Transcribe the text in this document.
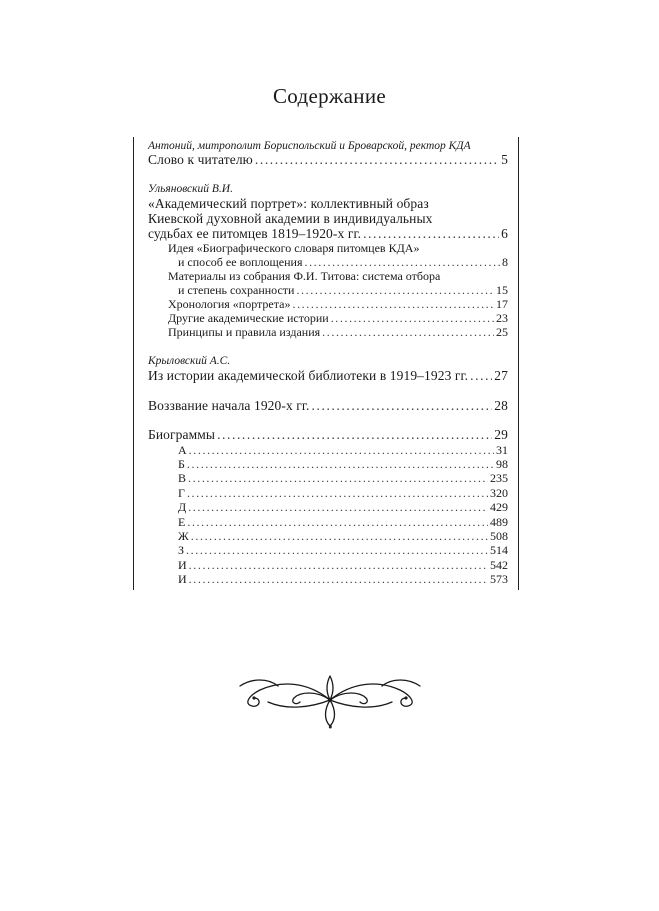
Содержание
Антоний, митрополит Бориспольский и Броварской, ректор КДА
Слово к читателю .....	5
Ульяновский В.И.
«Академический портрет»: коллективный образ
Киевской духовной академии в индивидуальных
судьбах ее питомцев 1819–1920-х гг. .....	6
Идея «Биографического словаря питомцев КДА»
и способ ее воплощения .....	8
Материалы из собрания Ф.И. Титова: система отбора
и степень сохранности .....	15
Хронология «портрета» .....	17
Другие академические истории .....	23
Принципы и правила издания .....	25
Крыловский А.С.
Из истории академической библиотеки в 1919–1923 гг. ..... 27
Воззвание начала 1920-х гг. .....	28
Биограммы .....	29
А .....	31
Б .....	98
В .....	235
Г .....	320
Д .....	429
Е .....	489
Ж .....	508
З .....	514
И .....	542
И .....	573
